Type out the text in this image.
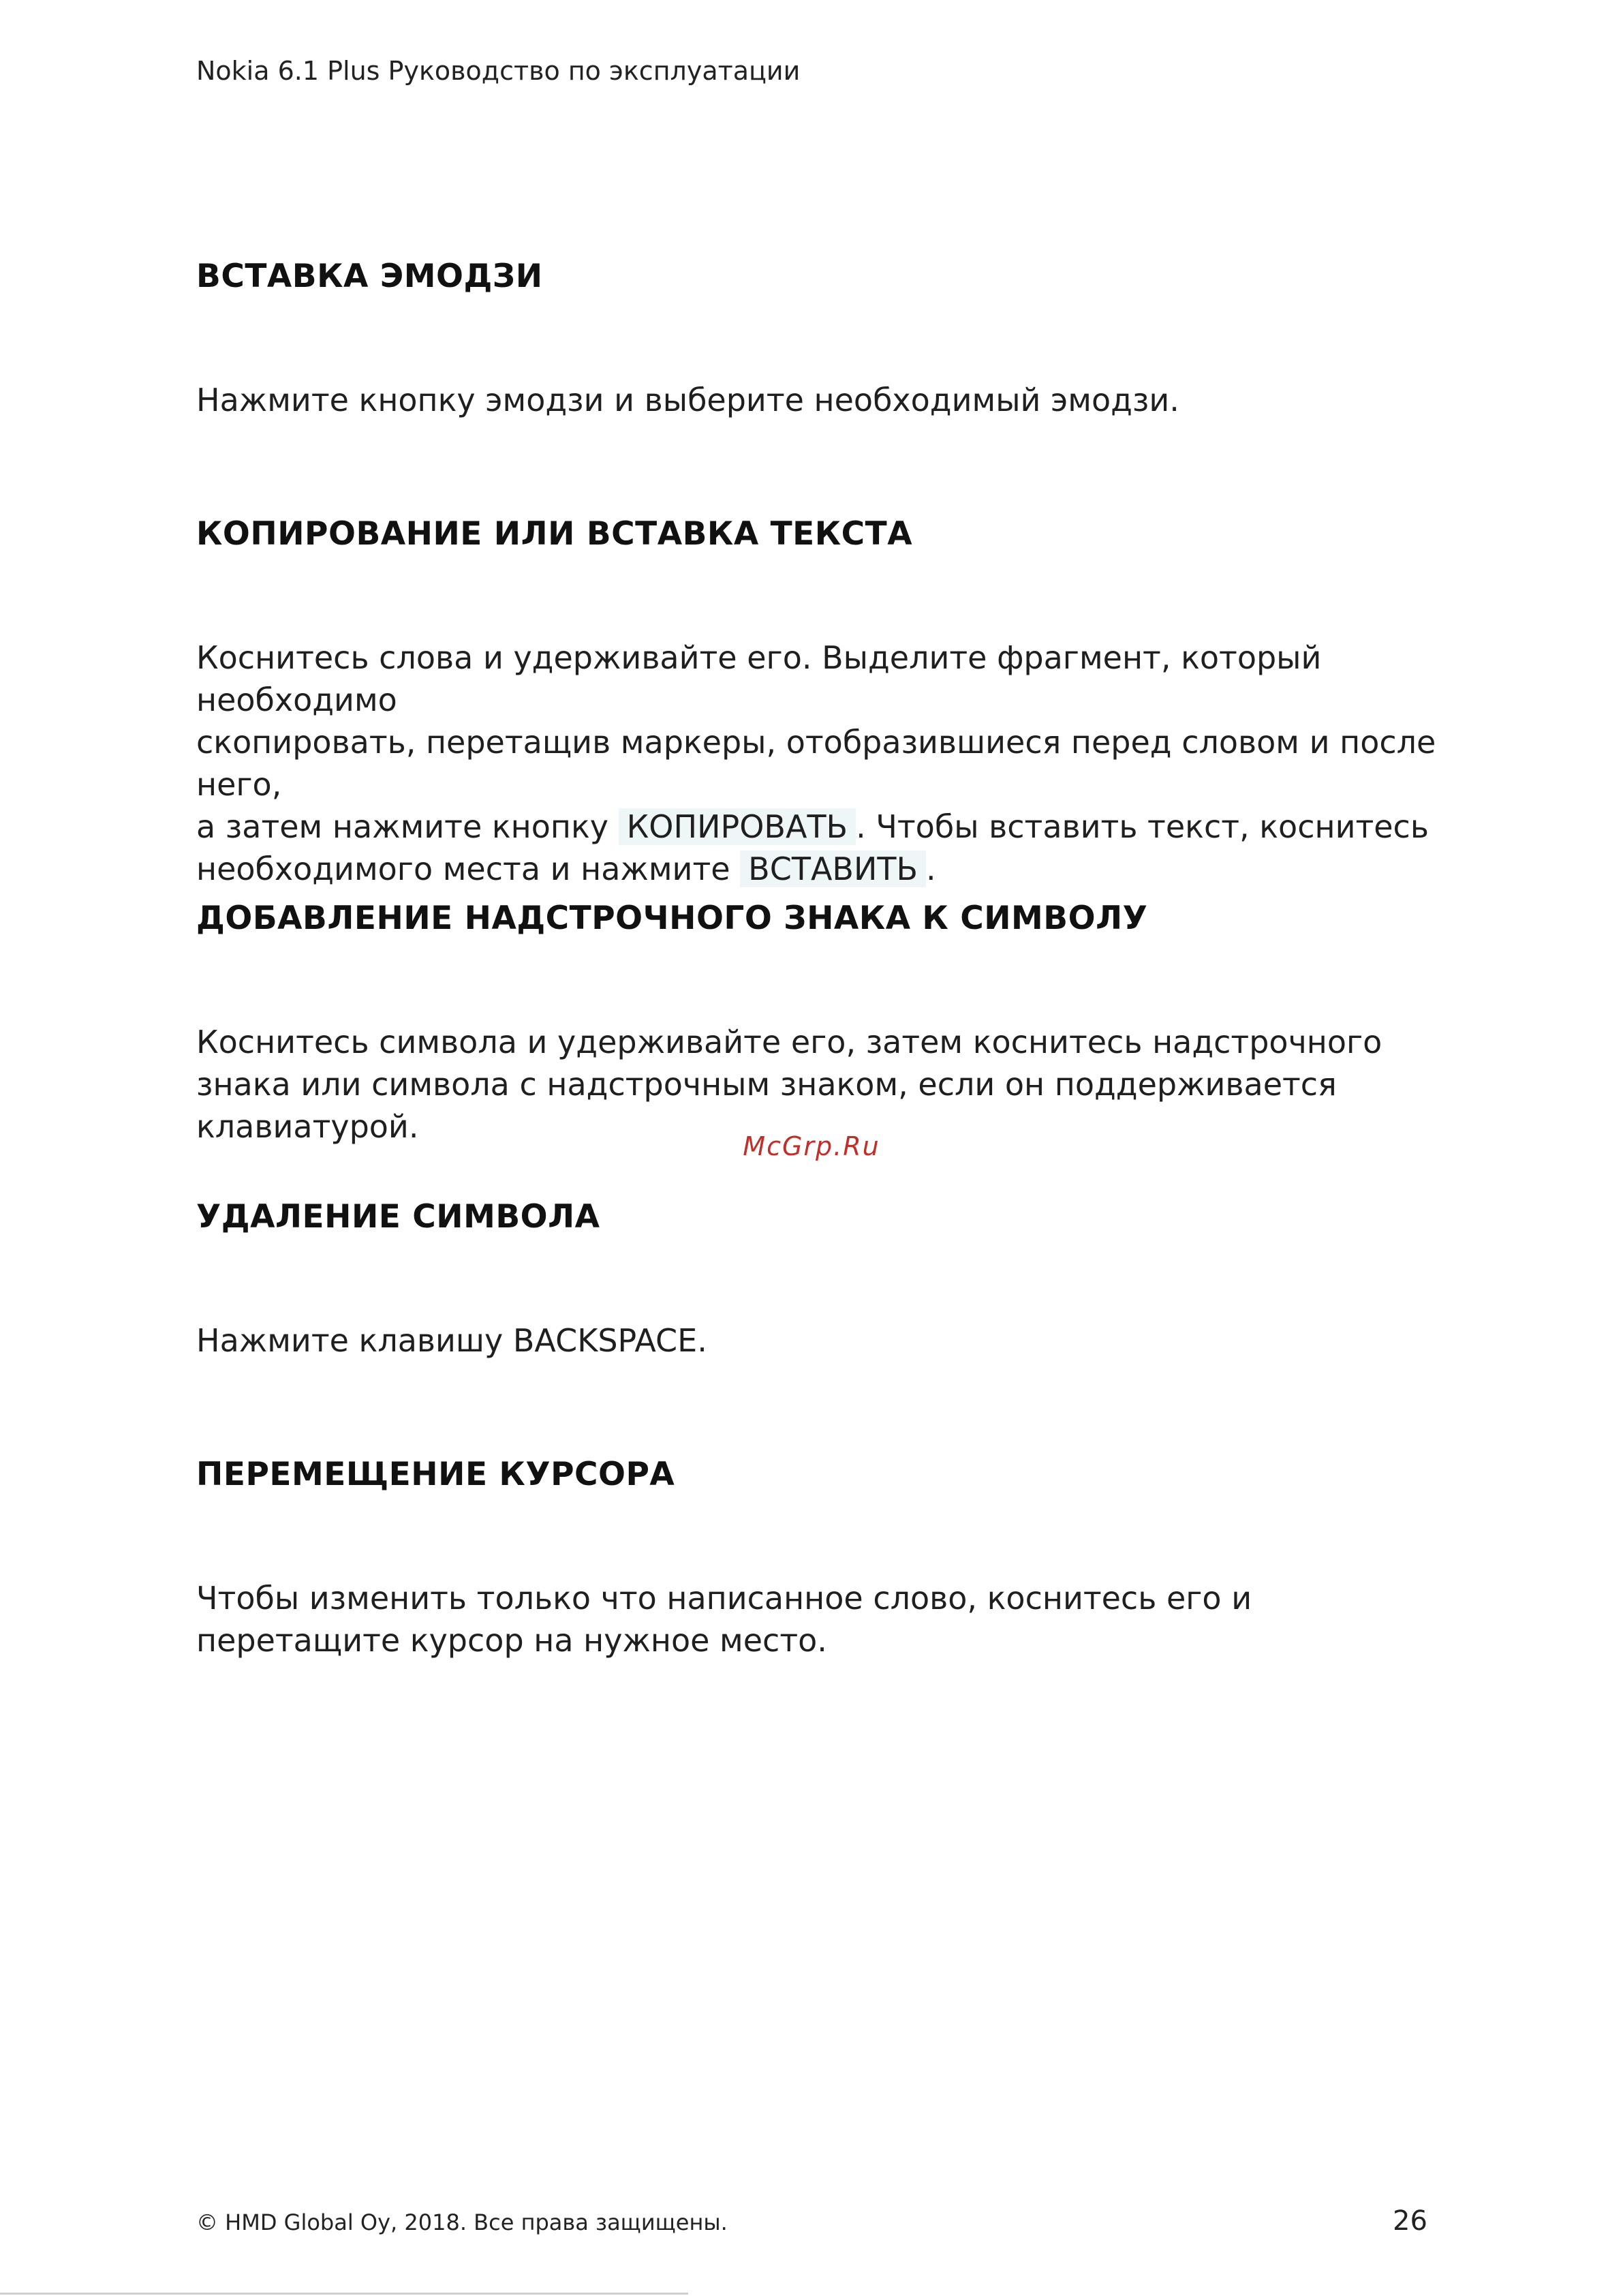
Nokia 6.1 Plus Руководство по эксплуатации
ВСТАВКА ЭМОДЗИ
Нажмите кнопку эмодзи и выберите необходимый эмодзи.
КОПИРОВАНИЕ ИЛИ ВСТАВКА ТЕКСТА
Коснитесь слова и удерживайте его. Выделите фрагмент, который необходимо
скопировать, перетащив маркеры, отобразившиеся перед словом и после него,
а затем нажмите кнопку КОПИРОВАТЬ . Чтобы вставить текст, коснитесь
необходимого места и нажмите ВСТАВИТЬ .
ДОБАВЛЕНИЕ НАДСТРОЧНОГО ЗНАКА К СИМВОЛУ
Коснитесь символа и удерживайте его, затем коснитесь надстрочного знака или символа с надстрочным знаком, если он поддерживается клавиатурой.
McGrp.Ru
УДАЛЕНИЕ СИМВОЛА
Нажмите клавишу BACKSPACE.
ПЕРЕМЕЩЕНИЕ КУРСОРА
Чтобы изменить только что написанное слово, коснитесь его и перетащите курсор на нужное место.
© HMD Global Oy, 2018. Все права защищены.	26
